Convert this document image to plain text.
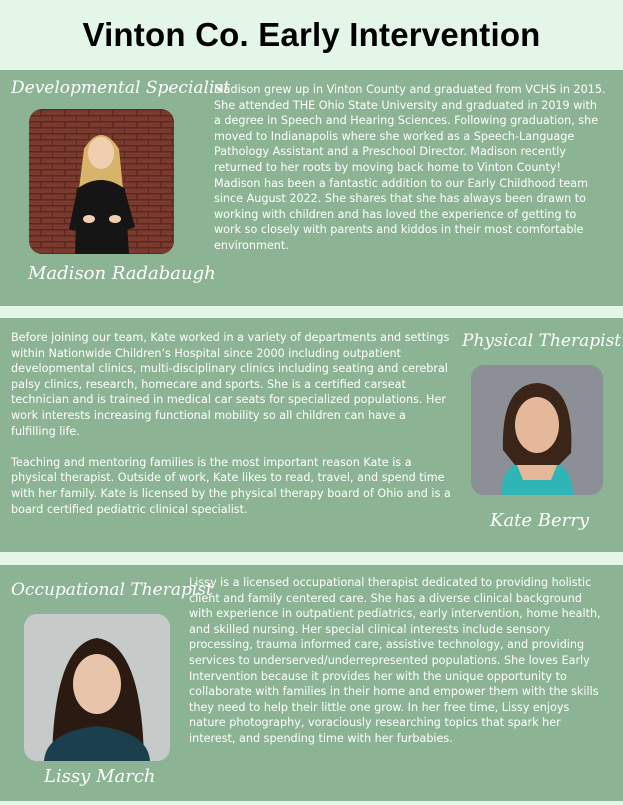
Vinton Co. Early Intervention
Developmental Specialist
Madison Radabaugh

Madison grew up in Vinton County and graduated from VCHS in 2015. She attended THE Ohio State University and graduated in 2019 with a degree in Speech and Hearing Sciences. Following graduation, she moved to Indianapolis where she worked as a Speech-Language Pathology Assistant and a Preschool Director. Madison recently returned to her roots by moving back home to Vinton County! Madison has been a fantastic addition to our Early Childhood team since August 2022. She shares that she has always been drawn to working with children and has loved the experience of getting to work so closely with parents and kiddos in their most comfortable environment.

Before joining our team, Kate worked in a variety of departments and settings within Nationwide Children‘s Hospital since 2000 including outpatient developmental clinics, multi-disciplinary clinics including seating and cerebral palsy clinics, research, homecare and sports. She is a certified carseat technician and is trained in medical car seats for specialized populations. Her work interests increasing functional mobility so all children can have a fulfilling life.

Teaching and mentoring families is the most important reason Kate is a physical therapist. Outside of work, Kate likes to read, travel, and spend time with her family. Kate is licensed by the physical therapy board of Ohio and is a board certified pediatric clinical specialist.

Physical Therapist
Kate Berry
Occupational Therapist
Lissy March

Lissy is a licensed occupational therapist dedicated to providing holistic client and family centered care. She has a diverse clinical background with experience in outpatient pediatrics, early intervention, home health, and skilled nursing. Her special clinical interests include sensory processing, trauma informed care, assistive technology, and providing services to underserved/underrepresented populations. She loves Early Intervention because it provides her with the unique opportunity to collaborate with families in their home and empower them with the skills they need to help their little one grow. In her free time, Lissy enjoys nature photography, voraciously researching topics that spark her interest, and spending time with her furbabies.
